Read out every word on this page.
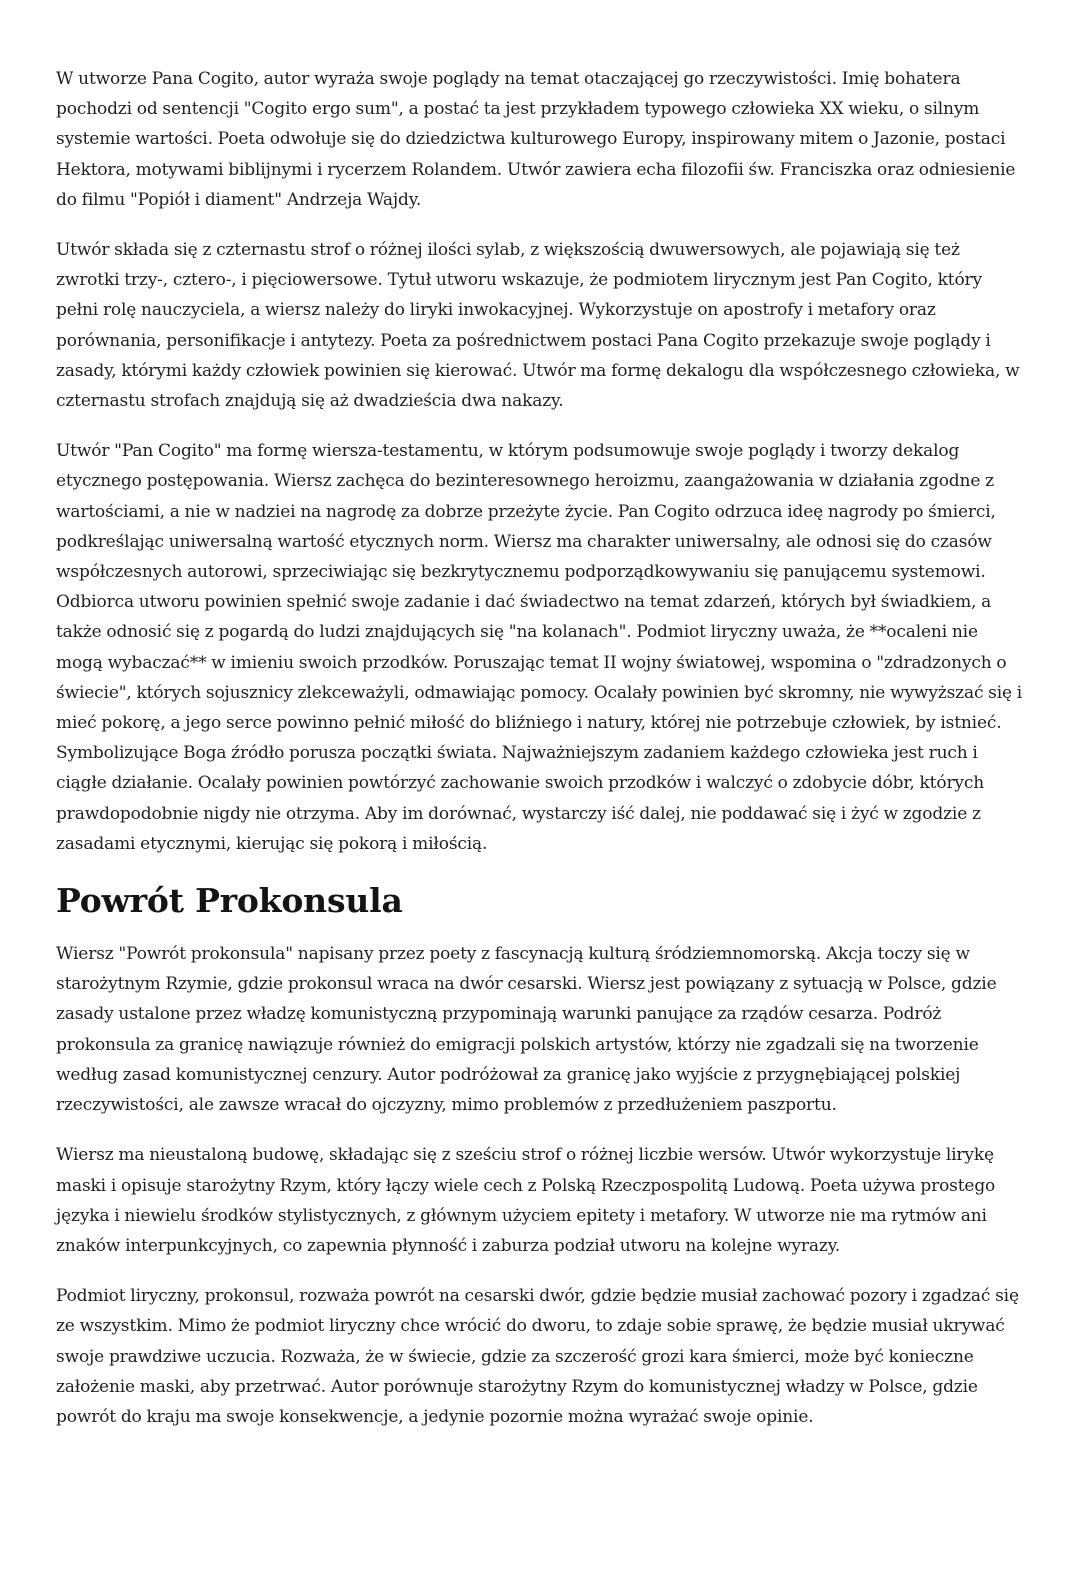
W utworze Pana Cogito, autor wyraża swoje poglądy na temat otaczającej go rzeczywistości. Imię bohatera pochodzi od sentencji "Cogito ergo sum", a postać ta jest przykładem typowego człowieka XX wieku, o silnym systemie wartości. Poeta odwołuje się do dziedzictwa kulturowego Europy, inspirowany mitem o Jazonie, postaci Hektora, motywami biblijnymi i rycerzem Rolandem. Utwór zawiera echa filozofii św. Franciszka oraz odniesienie do filmu "Popiół i diament" Andrzeja Wajdy.

Utwór składa się z czternastu strof o różnej ilości sylab, z większością dwuwersowych, ale pojawiają się też zwrotki trzy-, cztero-, i pięciowersowe. Tytuł utworu wskazuje, że podmiotem lirycznym jest Pan Cogito, który pełni rolę nauczyciela, a wiersz należy do liryki inwokacyjnej. Wykorzystuje on apostrofy i metafory oraz porównania, personifikacje i antytezy. Poeta za pośrednictwem postaci Pana Cogito przekazuje swoje poglądy i zasady, którymi każdy człowiek powinien się kierować. Utwór ma formę dekalogu dla współczesnego człowieka, w czternastu strofach znajdują się aż dwadzieścia dwa nakazy.

Utwór "Pan Cogito" ma formę wiersza-testamentu, w którym podsumowuje swoje poglądy i tworzy dekalog etycznego postępowania. Wiersz zachęca do bezinteresownego heroizmu, zaangażowania w działania zgodne z wartościami, a nie w nadziei na nagrodę za dobrze przeżyte życie. Pan Cogito odrzuca ideę nagrody po śmierci, podkreślając uniwersalną wartość etycznych norm. Wiersz ma charakter uniwersalny, ale odnosi się do czasów współczesnych autorowi, sprzeciwiając się bezkrytycznemu podporządkowywaniu się panującemu systemowi. Odbiorca utworu powinien spełnić swoje zadanie i dać świadectwo na temat zdarzeń, których był świadkiem, a także odnosić się z pogardą do ludzi znajdujących się "na kolanach". Podmiot liryczny uważa, że **ocaleni nie mogą wybaczać** w imieniu swoich przodków. Poruszając temat II wojny światowej, wspomina o "zdradzonych o świecie", których sojusznicy zlekceważyli, odmawiając pomocy. Ocalały powinien być skromny, nie wywyższać się i mieć pokorę, a jego serce powinno pełnić miłość do bliźniego i natury, której nie potrzebuje człowiek, by istnieć. Symbolizujące Boga źródło porusza początki świata. Najważniejszym zadaniem każdego człowieka jest ruch i ciągłe działanie. Ocalały powinien powtórzyć zachowanie swoich przodków i walczyć o zdobycie dóbr, których prawdopodobnie nigdy nie otrzyma. Aby im dorównać, wystarczy iść dalej, nie poddawać się i żyć w zgodzie z zasadami etycznymi, kierując się pokorą i miłością.

Powrót Prokonsula

Wiersz "Powrót prokonsula" napisany przez poety z fascynacją kulturą śródziemnomorską. Akcja toczy się w starożytnym Rzymie, gdzie prokonsul wraca na dwór cesarski. Wiersz jest powiązany z sytuacją w Polsce, gdzie zasady ustalone przez władzę komunistyczną przypominają warunki panujące za rządów cesarza. Podróż prokonsula za granicę nawiązuje również do emigracji polskich artystów, którzy nie zgadzali się na tworzenie według zasad komunistycznej cenzury. Autor podróżował za granicę jako wyjście z przygnębiającej polskiej rzeczywistości, ale zawsze wracał do ojczyzny, mimo problemów z przedłużeniem paszportu.

Wiersz ma nieustaloną budowę, składając się z sześciu strof o różnej liczbie wersów. Utwór wykorzystuje lirykę maski i opisuje starożytny Rzym, który łączy wiele cech z Polską Rzeczpospolitą Ludową. Poeta używa prostego języka i niewielu środków stylistycznych, z głównym użyciem epitety i metafory. W utworze nie ma rytmów ani znaków interpunkcyjnych, co zapewnia płynność i zaburza podział utworu na kolejne wyrazy.

Podmiot liryczny, prokonsul, rozważa powrót na cesarski dwór, gdzie będzie musiał zachować pozory i zgadzać się ze wszystkim. Mimo że podmiot liryczny chce wrócić do dworu, to zdaje sobie sprawę, że będzie musiał ukrywać swoje prawdziwe uczucia. Rozważa, że w świecie, gdzie za szczerość grozi kara śmierci, może być konieczne założenie maski, aby przetrwać. Autor porównuje starożytny Rzym do komunistycznej władzy w Polsce, gdzie powrót do kraju ma swoje konsekwencje, a jedynie pozornie można wyrażać swoje opinie.
